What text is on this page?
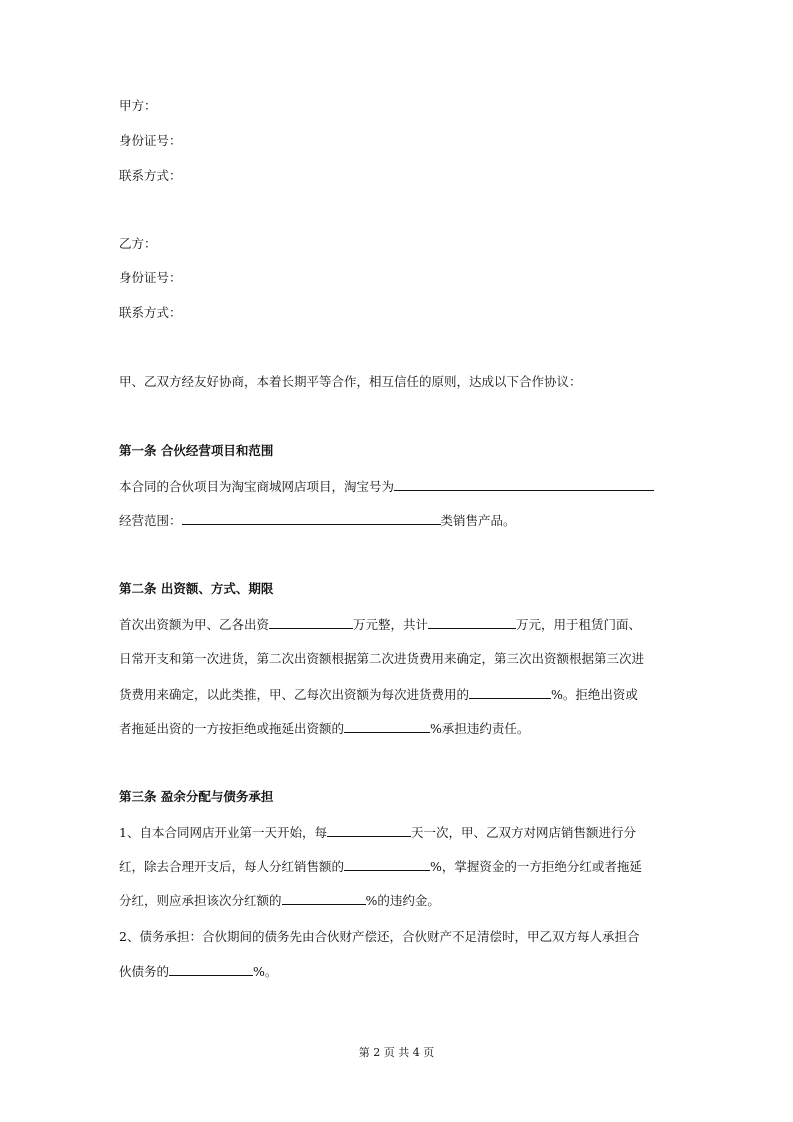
甲方：
身份证号：
联系方式：
乙方：
身份证号：
联系方式：
甲、乙双方经友好协商，本着长期平等合作，相互信任的原则，达成以下合作协议：
第一条 合伙经营项目和范围
本合同的合伙项目为淘宝商城网店项目，淘宝号为
经营范围：	类销售产品。
第二条 出资额、方式、期限
首次出资额为甲、乙各出资	万元整，共计	万元，用于租赁门面、
日常开支和第一次进货，第二次出资额根据第二次进货费用来确定，第三次出资额根据第三次进
货费用来确定，以此类推，甲、乙每次出资额为每次进货费用的	%。拒绝出资或
者拖延出资的一方按拒绝或拖延出资额的	%承担违约责任。
第三条 盈余分配与债务承担
1、自本合同网店开业第一天开始，每	天一次，甲、乙双方对网店销售额进行分
红，除去合理开支后，每人分红销售额的	%，掌握资金的一方拒绝分红或者拖延
分红，则应承担该次分红额的	%的违约金。
2、债务承担：合伙期间的债务先由合伙财产偿还，合伙财产不足清偿时，甲乙双方每人承担合
伙债务的	%。
第 2 页 共 4 页
